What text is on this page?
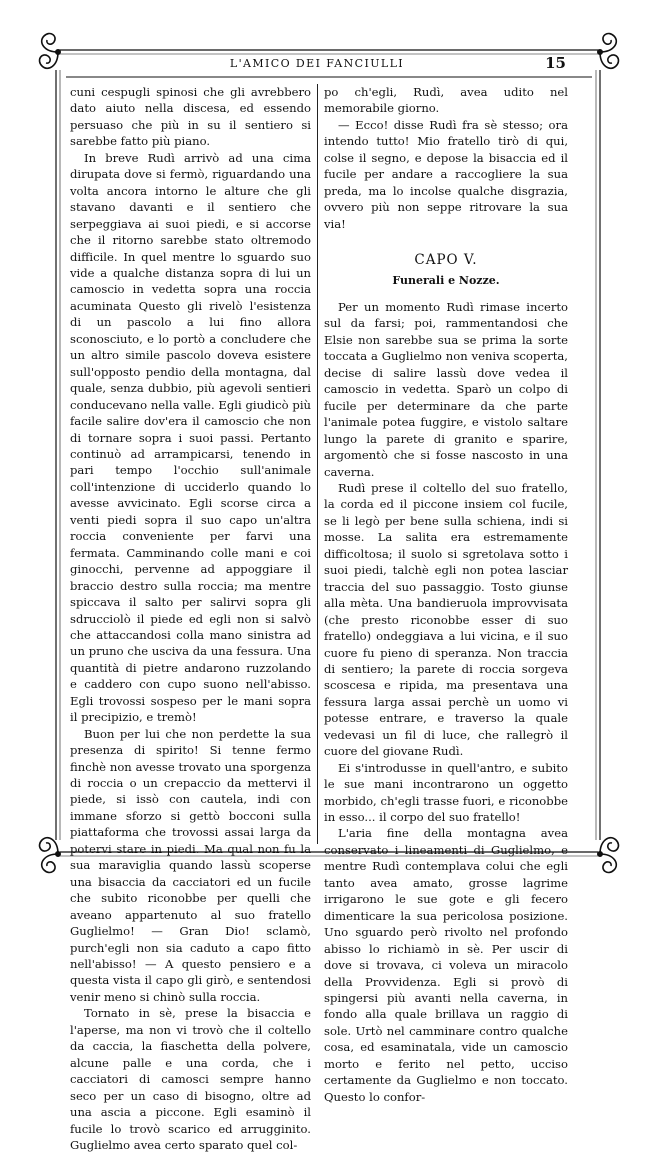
L'AMICO DEI FANCIULLI	15

cuni cespugli spinosi che gli avrebbero dato aiuto nella discesa, ed essendo persuaso che più in su il sentiero si sarebbe fatto più piano.

In breve Rudì arrivò ad una cima dirupata dove si fermò, riguardando una volta ancora intorno le alture che gli stavano davanti e il sentiero che serpeggiava ai suoi piedi, e si accorse che il ritorno sarebbe stato oltremodo difficile. In quel mentre lo sguardo suo vide a qualche distanza sopra di lui un camoscio in vedetta sopra una roccia acuminata Questo gli rivelò l'esistenza di un pascolo a lui fino allora sconosciuto, e lo portò a concludere che un altro simile pascolo doveva esistere sull'opposto pendio della montagna, dal quale, senza dubbio, più agevoli sentieri conducevano nella valle. Egli giudicò più facile salire dov'era il camoscio che non di tornare sopra i suoi passi. Pertanto continuò ad arrampicarsi, tenendo in pari tempo l'occhio sull'animale coll'intenzione di ucciderlo quando lo avesse avvicinato. Egli scorse circa a venti piedi sopra il suo capo un'altra roccia conveniente per farvi una fermata. Camminando colle mani e coi ginocchi, pervenne ad appoggiare il braccio destro sulla roccia; ma mentre spiccava il salto per salirvi sopra gli sdrucciolò il piede ed egli non si salvò che attaccandosi colla mano sinistra ad un pruno che usciva da una fessura. Una quantità di pietre andarono ruzzolando e caddero con cupo suono nell'abisso. Egli trovossi sospeso per le mani sopra il precipizio, e tremò!

Buon per lui che non perdette la sua presenza di spirito! Si tenne fermo finchè non avesse trovato una sporgenza di roccia o un crepaccio da mettervi il piede, si issò con cautela, indi con immane sforzo si gettò bocconi sulla piattaforma che trovossi assai larga da potervi stare in piedi. Ma qual non fu la sua maraviglia quando lassù scoperse una bisaccia da cacciatori ed un fucile che subito riconobbe per quelli che aveano appartenuto al suo fratello Guglielmo! — Gran Dio! sclamò, purch'egli non sia caduto a capo fitto nell'abisso! — A questo pensiero e a questa vista il capo gli girò, e sentendosi venir meno si chinò sulla roccia.

Tornato in sè, prese la bisaccia e l'aperse, ma non vi trovò che il coltello da caccia, la fiaschetta della polvere, alcune palle e una corda, che i cacciatori di camosci sempre hanno seco per un caso di bisogno, oltre ad una ascia a piccone. Egli esaminò il fucile lo trovò scarico ed arrugginito. Guglielmo avea certo sparato quel col-

po ch'egli, Rudì, avea udito nel memorabile giorno.

— Ecco! disse Rudì fra sè stesso; ora intendo tutto! Mio fratello tirò di qui, colse il segno, e depose la bisaccia ed il fucile per andare a raccogliere la sua preda, ma lo incolse qualche disgrazia, ovvero più non seppe ritrovare la sua via!

CAPO V.
Funerali e Nozze.

Per un momento Rudì rimase incerto sul da farsi; poi, rammentandosi che Elsie non sarebbe sua se prima la sorte toccata a Guglielmo non veniva scoperta, decise di salire lassù dove vedea il camoscio in vedetta. Sparò un colpo di fucile per determinare da che parte l'animale potea fuggire, e vistolo saltare lungo la parete di granito e sparire, argomentò che si fosse nascosto in una caverna.

Rudì prese il coltello del suo fratello, la corda ed il piccone insiem col fucile, se li legò per bene sulla schiena, indi si mosse. La salita era estremamente difficoltosa; il suolo si sgretolava sotto i suoi piedi, talchè egli non potea lasciar traccia del suo passaggio. Tosto giunse alla mèta. Una bandieruola improvvisata (che presto riconobbe esser di suo fratello) ondeggiava a lui vicina, e il suo cuore fu pieno di speranza. Non traccia di sentiero; la parete di roccia sorgeva scoscesa e ripida, ma presentava una fessura larga assai perchè un uomo vi potesse entrare, e traverso la quale vedevasi un fil di luce, che rallegrò il cuore del giovane Rudì.

Ei s'introdusse in quell'antro, e subito le sue mani incontrarono un oggetto morbido, ch'egli trasse fuori, e riconobbe in esso... il corpo del suo fratello!

L'aria fine della montagna avea conservato i lineamenti di Guglielmo, e mentre Rudì contemplava colui che egli tanto avea amato, grosse lagrime irrigarono le sue gote e gli fecero dimenticare la sua pericolosa posizione. Uno sguardo però rivolto nel profondo abisso lo richiamò in sè. Per uscir di dove si trovava, ci voleva un miracolo della Provvidenza. Egli si provò di spingersi più avanti nella caverna, in fondo alla quale brillava un raggio di sole. Urtò nel camminare contro qualche cosa, ed esaminatala, vide un camoscio morto e ferito nel petto, ucciso certamente da Guglielmo e non toccato. Questo lo confor-
